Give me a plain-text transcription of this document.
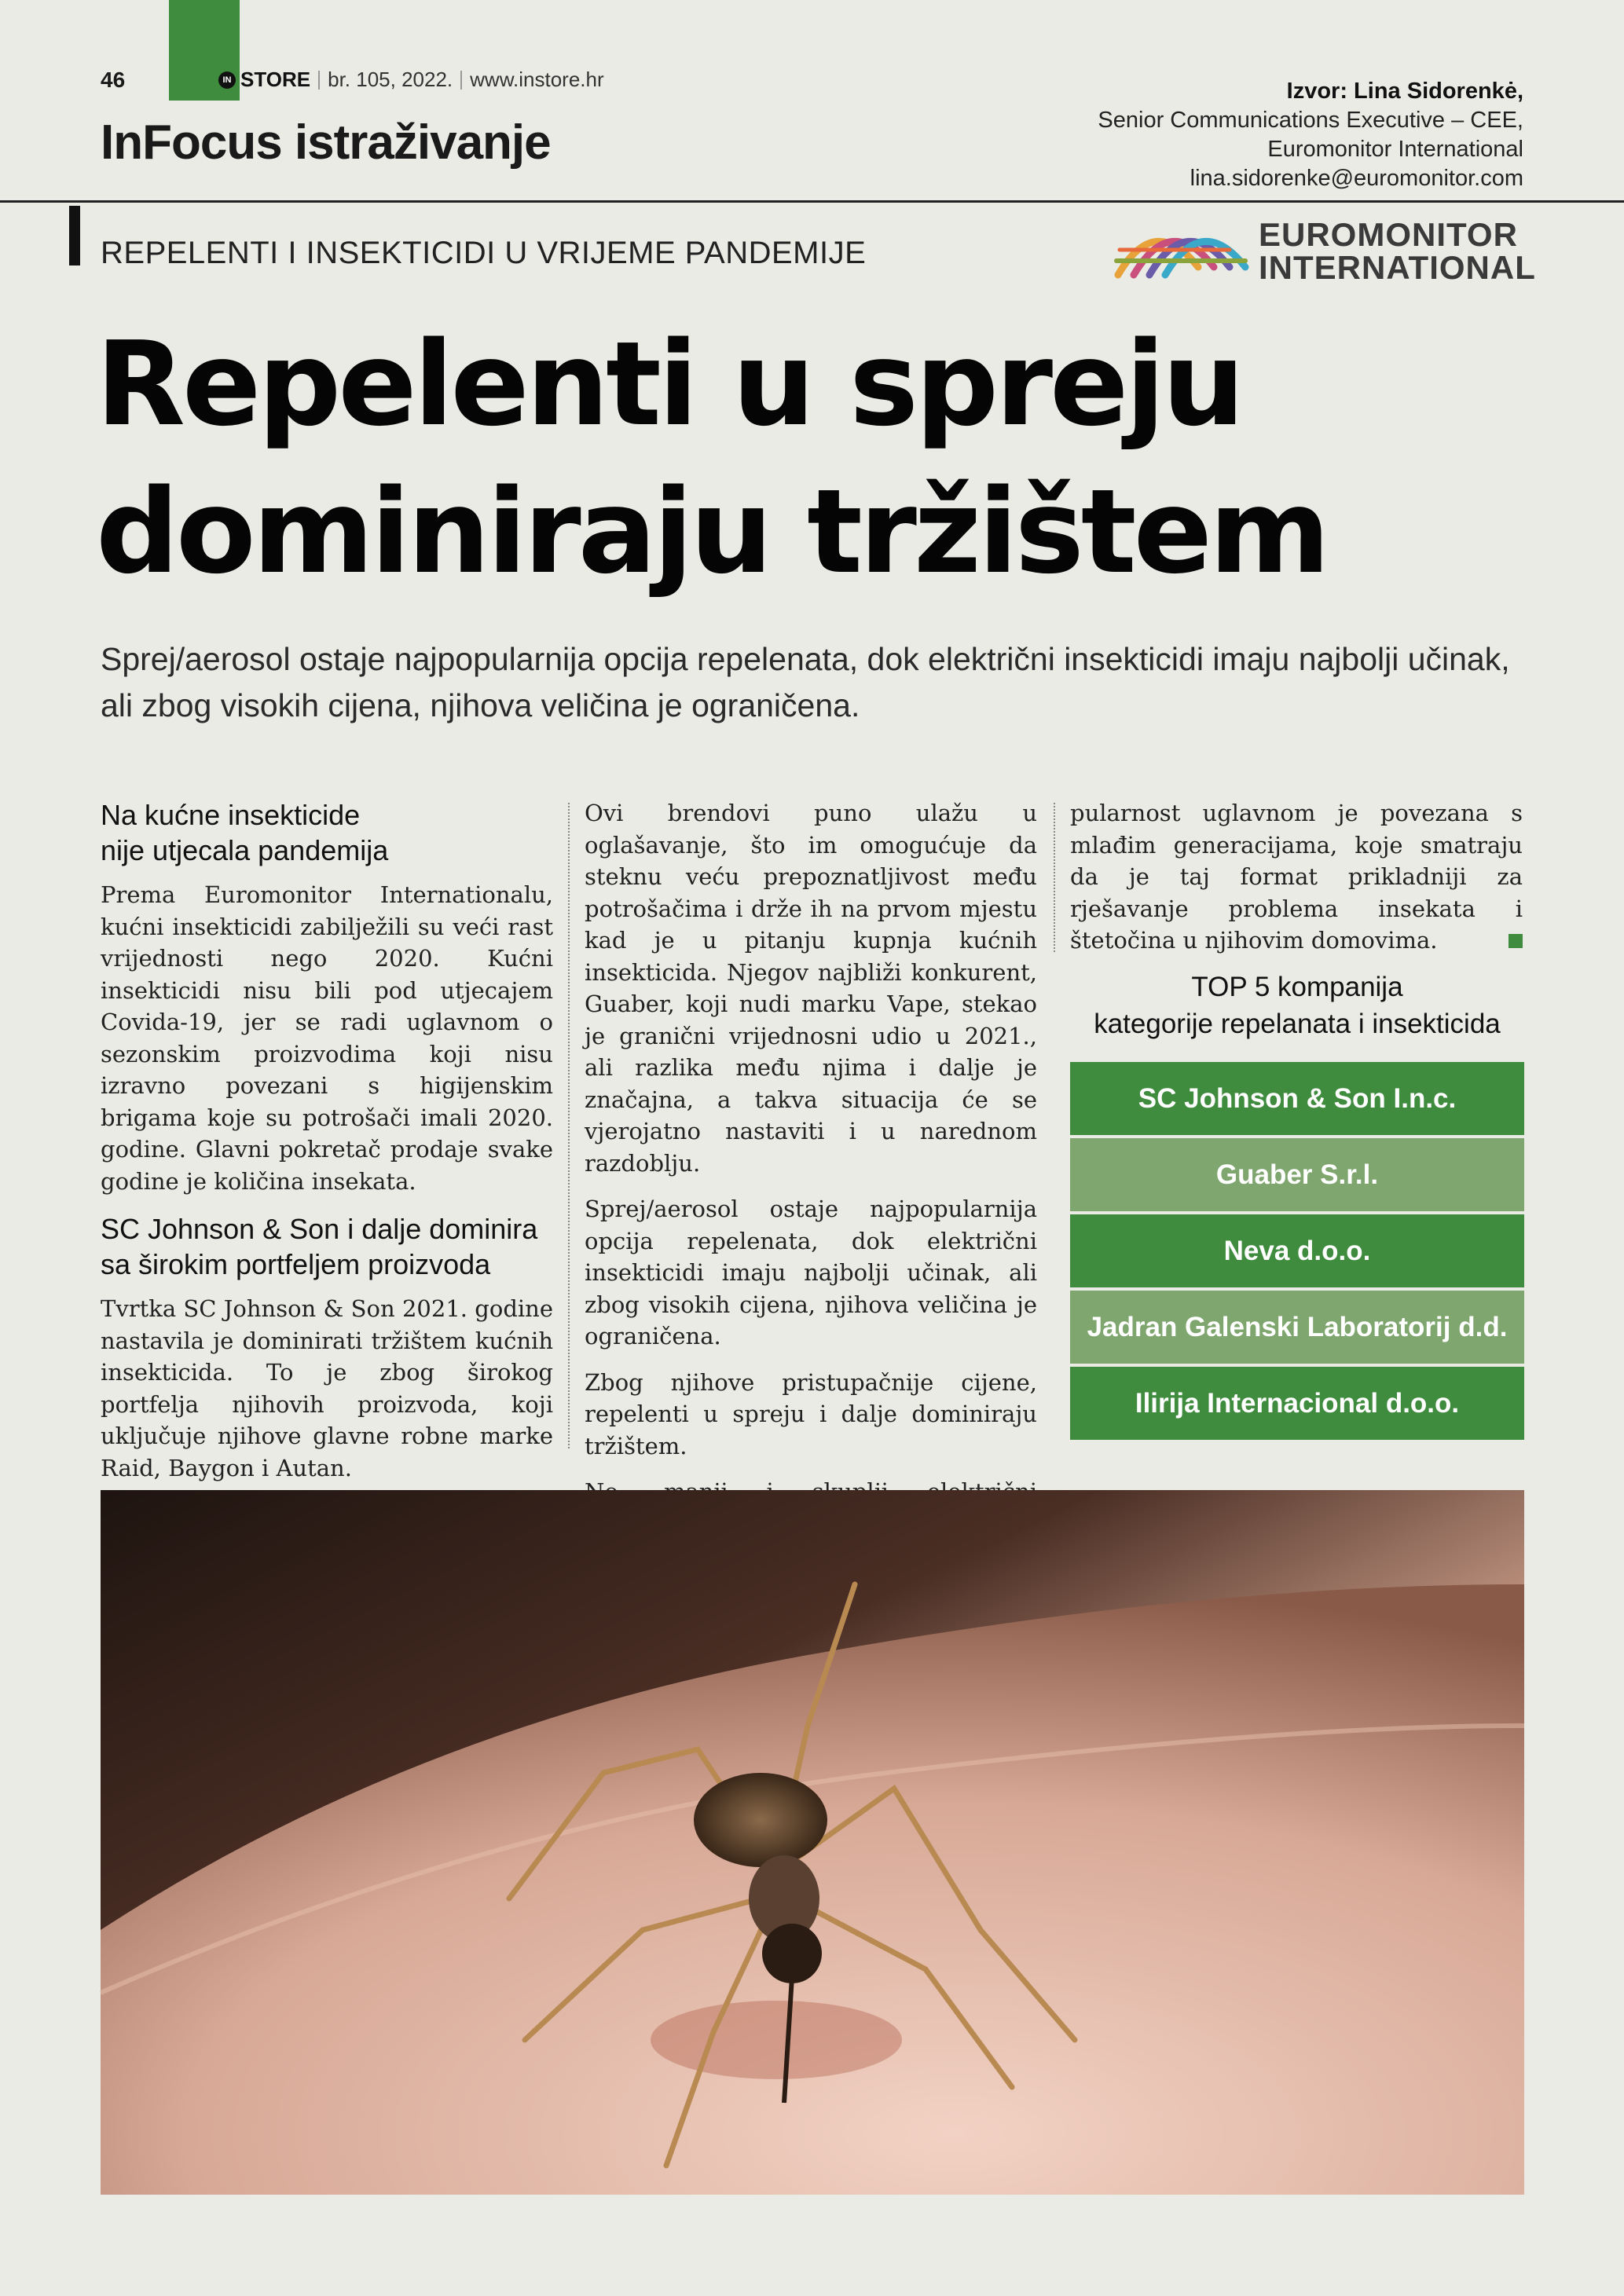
46	IN STORE br. 105, 2022. www.instore.hr
InFocus istraživanje
Izvor: Lina Sidorenkė,
Senior Communications Executive – CEE,
Euromonitor International
lina.sidorenke@euromonitor.com
REPELENTI I INSEKTICIDI U VRIJEME PANDEMIJE	EUROMONITOR
INTERNATIONAL
Repelenti u spreju
dominiraju tržištem
Sprej/aerosol ostaje najpopularnija opcija repelenata, dok električni insekticidi imaju najbolji učinak, ali zbog visokih cijena, njihova veličina je ograničena.
Na kućne insekticide
nije utjecala pandemija

Prema Euromonitor Internationalu, kućni insekticidi zabilježili su veći rast vrijednosti nego 2020. Kućni insekticidi nisu bili pod utjecajem Covida-19, jer se radi uglavnom o sezonskim proizvodima koji nisu izravno povezani s higijenskim brigama koje su potrošači imali 2020. godine. Glavni pokretač prodaje svake godine je količina insekata.

SC Johnson & Son i dalje dominira
sa širokim portfeljem proizvoda

Tvrtka SC Johnson & Son 2021. godine nastavila je dominirati tržištem kućnih insekticida. To je zbog širokog portfelja njihovih proizvoda, koji uključuje njihove glavne robne marke Raid, Baygon i Autan.

Ovi brendovi puno ulažu u oglašavanje, što im omogućuje da steknu veću prepoznatljivost među potrošačima i drže ih na prvom mjestu kad je u pitanju kupnja kućnih insekticida. Njegov najbliži konkurent, Guaber, koji nudi marku Vape, stekao je granični vrijednosni udio u 2021., ali razlika među njima i dalje je značajna, a takva situacija će se vjerojatno nastaviti i u narednom razdoblju.

Sprej/aerosol ostaje najpopularnija opcija repelenata, dok električni insekticidi imaju najbolji učinak, ali zbog visokih cijena, njihova veličina je ograničena.

Zbog njihove pristupačnije cijene, repelenti u spreju i dalje dominiraju tržištem.

pularnost uglavnom je povezana s mlađim generacijama, koje smatraju da je taj format prikladniji za rješavanje problema insekata i štetočina u njihovim domovima.

TOP 5 kompanija
kategorije repelanata i insekticida
SC Johnson & Son I.n.c.
Guaber S.r.l.
Neva d.o.o.
Jadran Galenski Laboratorij d.d.
Ilirija Internacional d.o.o.
